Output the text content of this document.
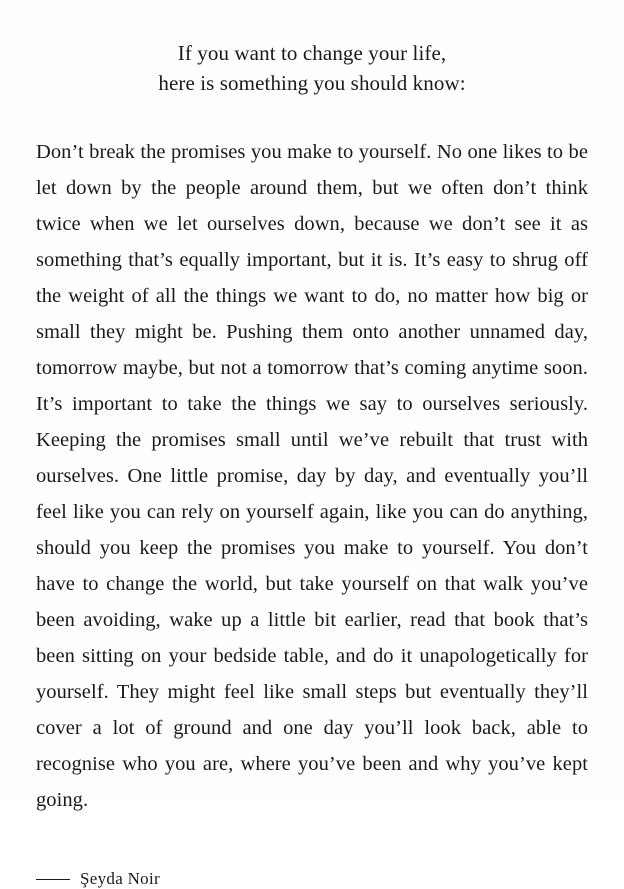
If you want to change your life,
here is something you should know:

Don’t break the promises you make to yourself. No one likes to be let down by the people around them, but we often don’t think twice when we let ourselves down, because we don’t see it as something that’s equally important, but it is. It’s easy to shrug off the weight of all the things we want to do, no matter how big or small they might be. Pushing them onto another unnamed day, tomorrow maybe, but not a tomorrow that’s coming anytime soon. It’s important to take the things we say to ourselves seriously. Keeping the promises small until we’ve rebuilt that trust with ourselves. One little promise, day by day, and eventually you’ll feel like you can rely on yourself again, like you can do anything, should you keep the promises you make to yourself. You don’t have to change the world, but take yourself on that walk you’ve been avoiding, wake up a little bit earlier, read that book that’s been sitting on your bedside table, and do it unapologetically for yourself. They might feel like small steps but eventually they’ll cover a lot of ground and one day you’ll look back, able to recognise who you are, where you’ve been and why you’ve kept going.

Şeyda Noir
